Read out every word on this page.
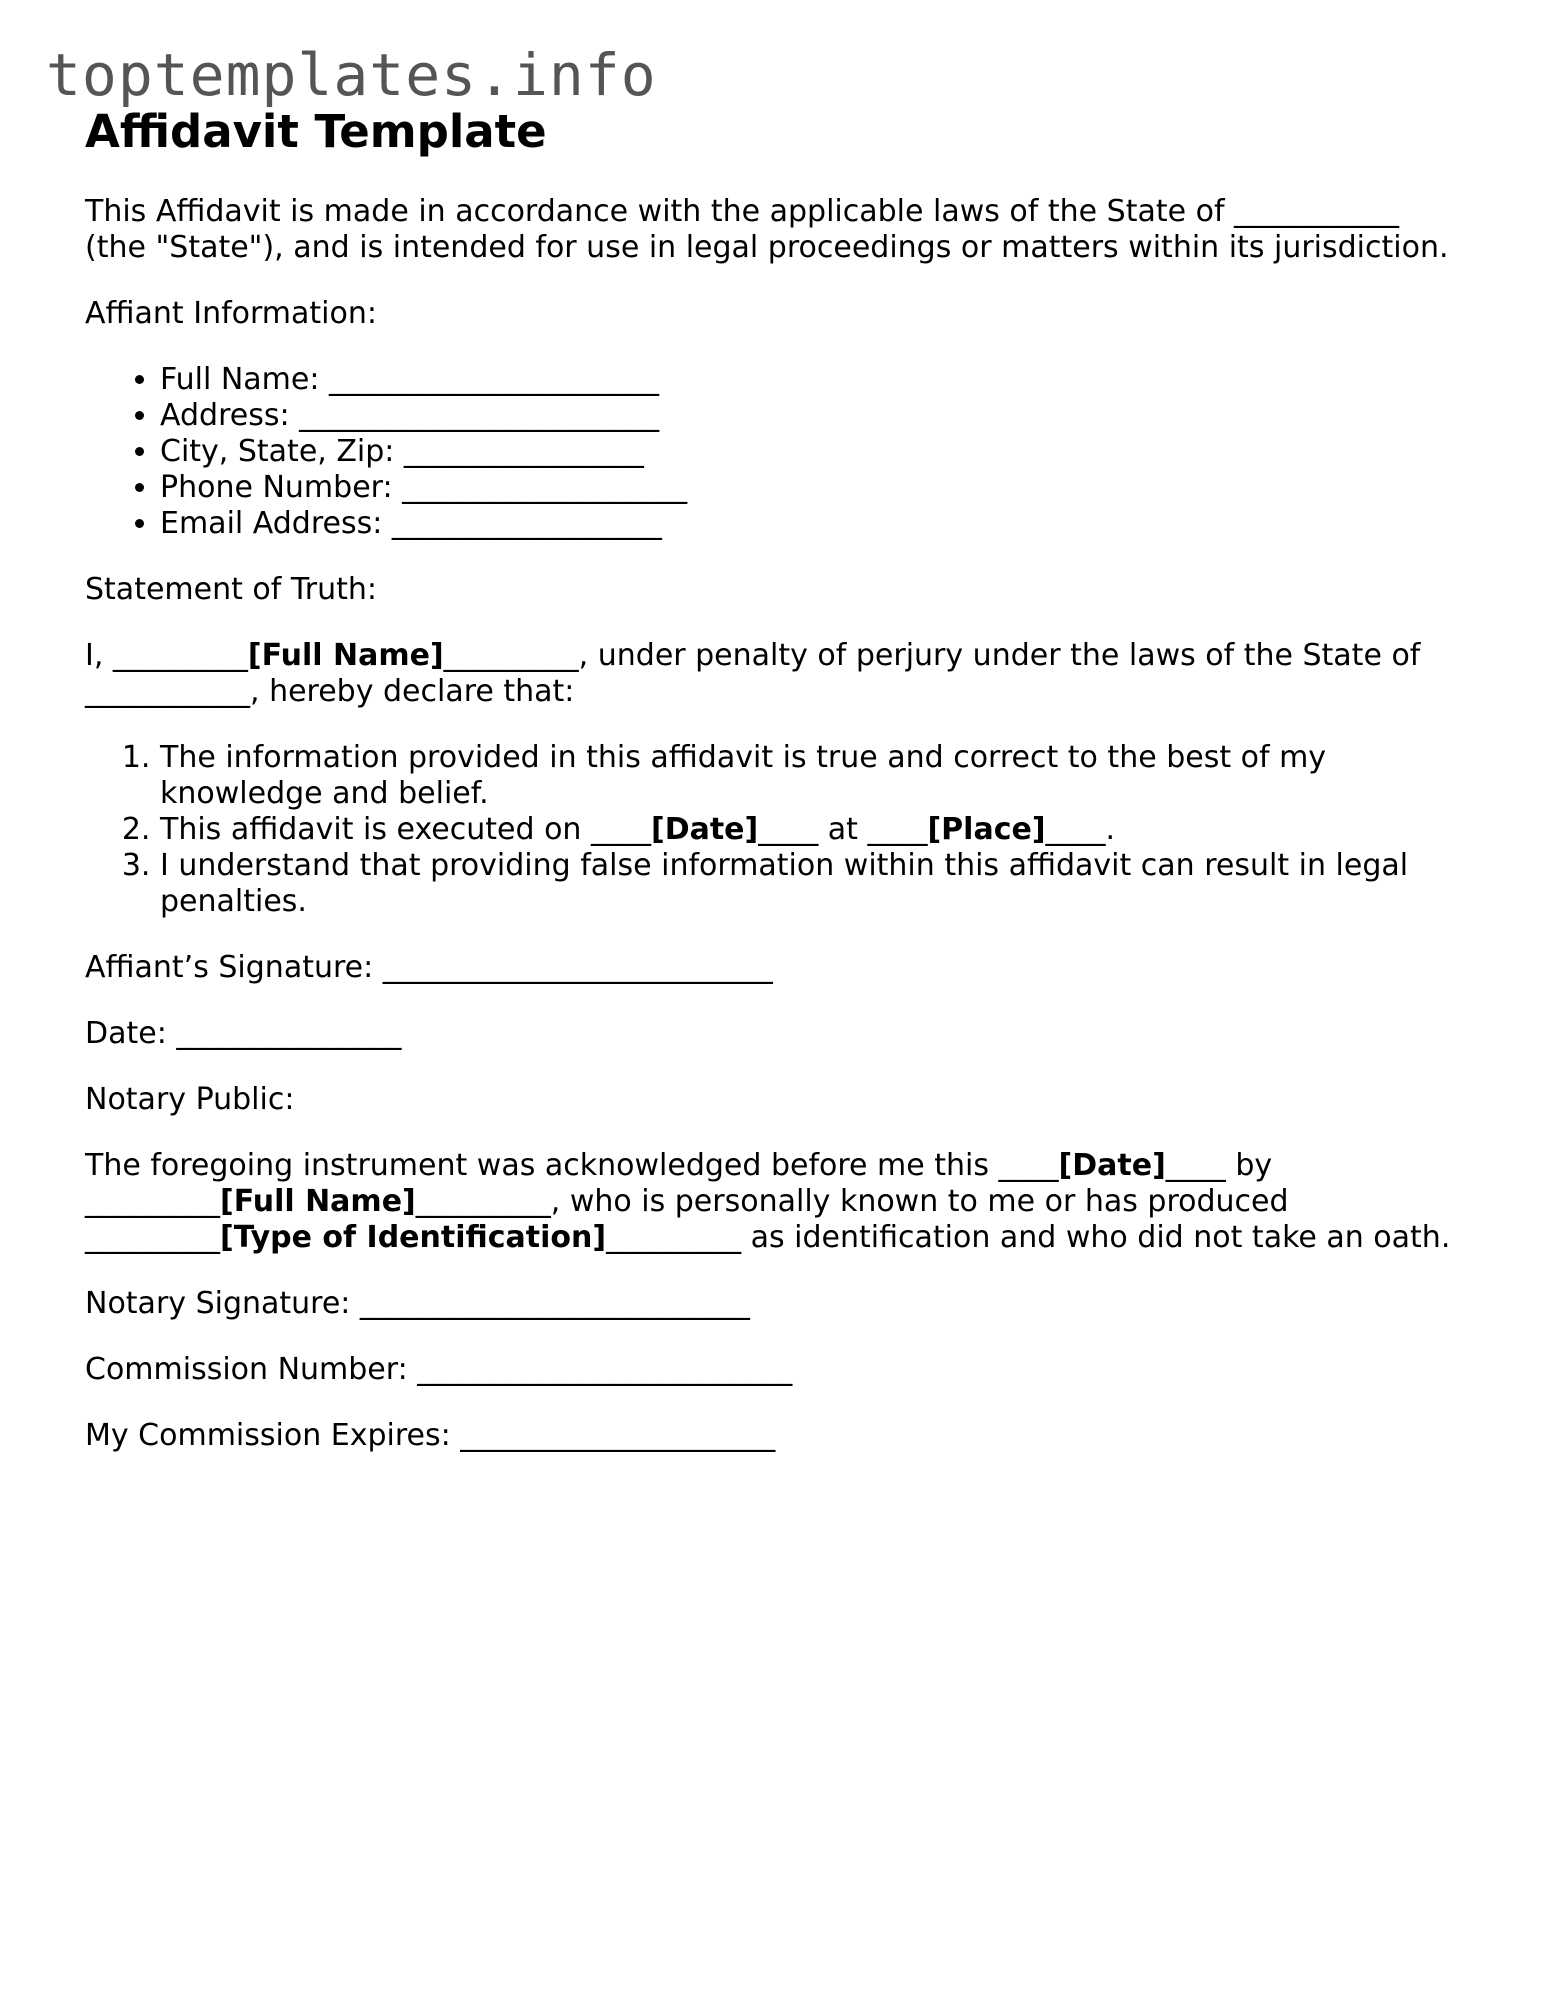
toptemplates.info
Affidavit Template

This Affidavit is made in accordance with the applicable laws of the State of ___________
(the "State"), and is intended for use in legal proceedings or matters within its jurisdiction.

Affiant Information:

• Full Name: ______________________
• Address: ________________________
• City, State, Zip: ________________
• Phone Number: ___________________
• Email Address: __________________

Statement of Truth:

I, _________[Full Name]_________, under penalty of perjury under the laws of the State of
___________, hereby declare that:

1. The information provided in this affidavit is true and correct to the best of my knowledge and belief.
2. This affidavit is executed on ____[Date]____ at ____[Place]____.
3. I understand that providing false information within this affidavit can result in legal penalties.

Affiant’s Signature: __________________________

Date: _______________

Notary Public:

The foregoing instrument was acknowledged before me this ____[Date]____ by
_________[Full Name]_________, who is personally known to me or has produced
_________[Type of Identification]_________ as identification and who did not take an oath.

Notary Signature: __________________________

Commission Number: _________________________

My Commission Expires: _____________________
